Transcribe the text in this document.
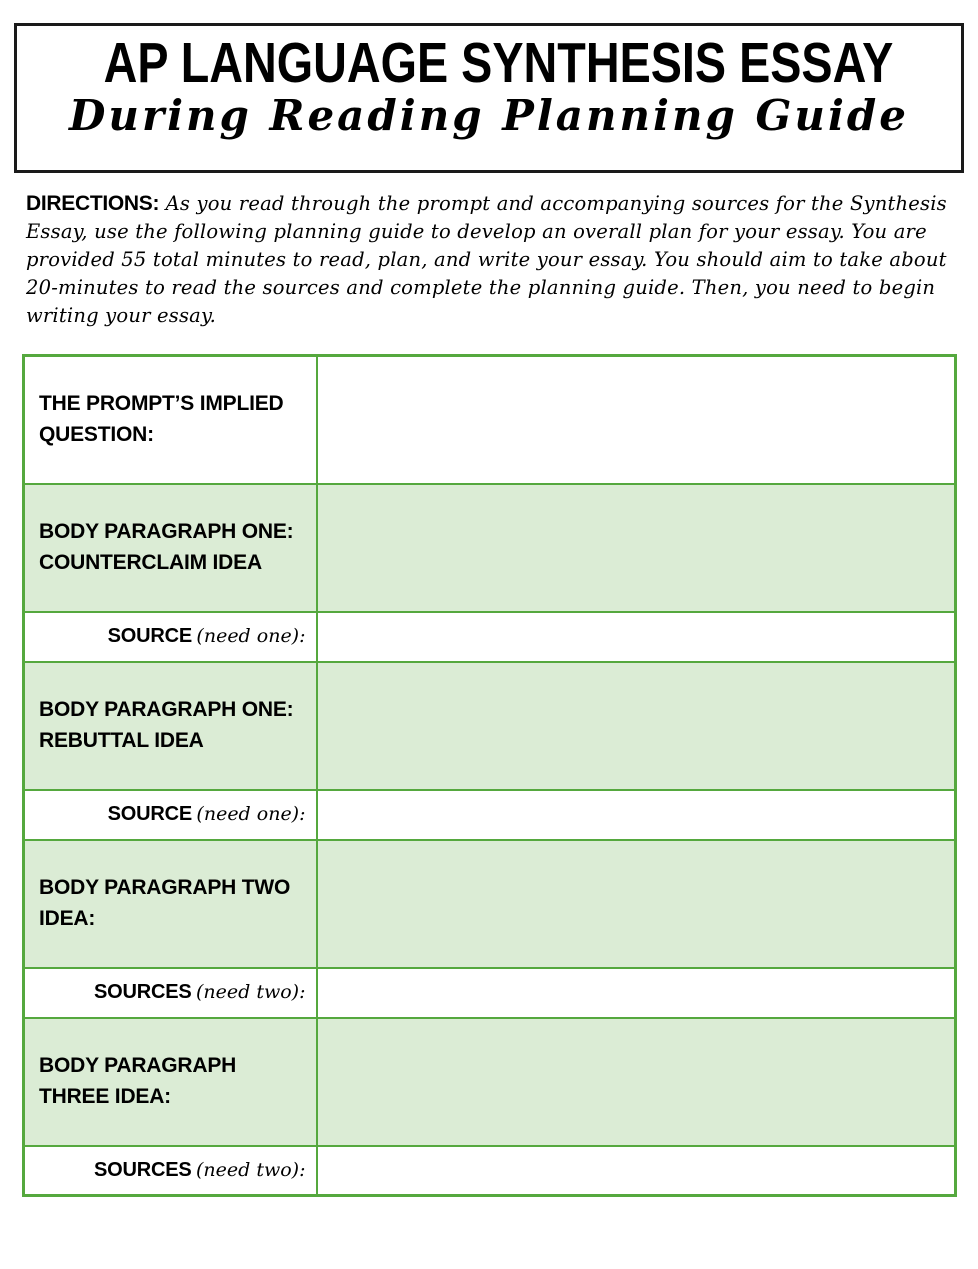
AP LANGUAGE SYNTHESIS ESSAY
During Reading Planning Guide

DIRECTIONS: As you read through the prompt and accompanying sources for the Synthesis Essay, use the following planning guide to develop an overall plan for your essay. You are provided 55 total minutes to read, plan, and write your essay. You should aim to take about 20-minutes to read the sources and complete the planning guide. Then, you need to begin writing your essay.

THE PROMPT’S IMPLIED QUESTION:	
BODY PARAGRAPH ONE: COUNTERCLAIM IDEA	
SOURCE (need one):	
BODY PARAGRAPH ONE: REBUTTAL IDEA	
SOURCE (need one):	
BODY PARAGRAPH TWO IDEA:	
SOURCES (need two):	
BODY PARAGRAPH THREE IDEA:	
SOURCES (need two):	
